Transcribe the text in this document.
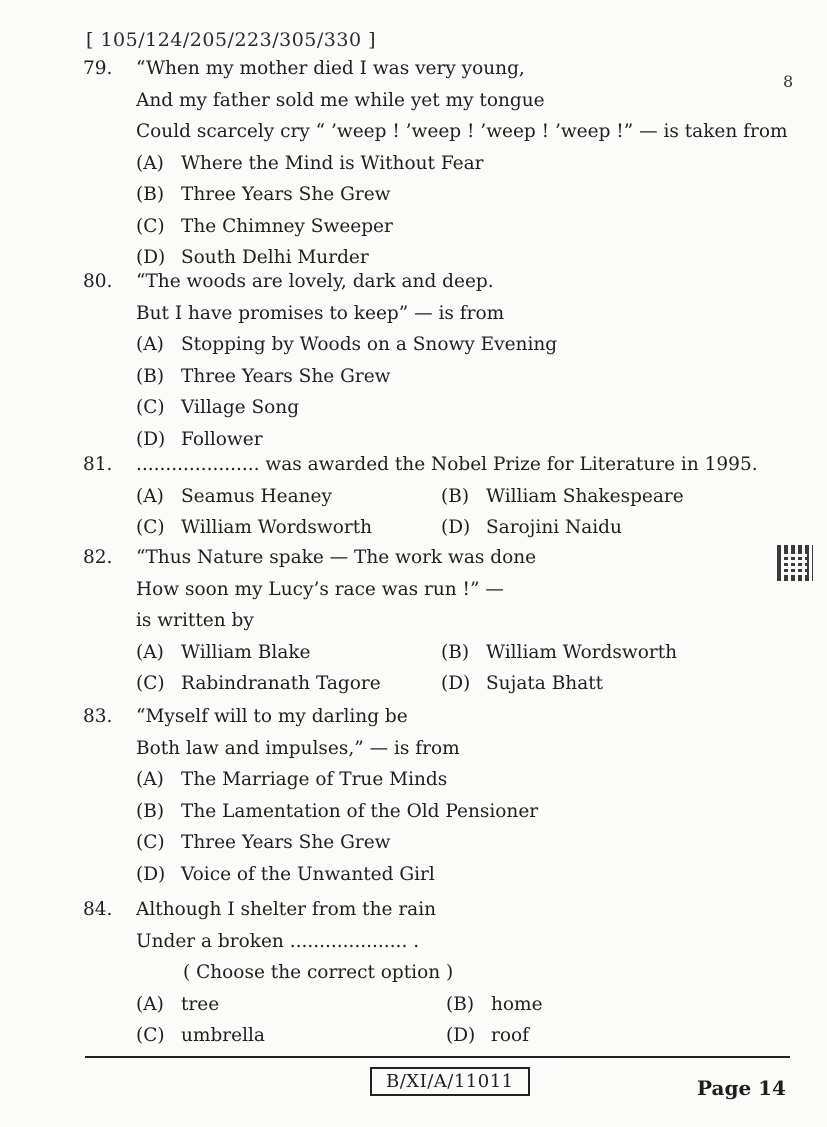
[ 105/124/205/223/305/330 ]
8
79.	“When my mother died I was very young,
And my father sold me while yet my tongue
Could scarcely cry “ ’weep ! ’weep ! ’weep ! ’weep !” — is taken from
(A) Where the Mind is Without Fear
(B) Three Years She Grew
(C) The Chimney Sweeper
(D) South Delhi Murder
80.	“The woods are lovely, dark and deep.
But I have promises to keep” — is from
(A) Stopping by Woods on a Snowy Evening
(B) Three Years She Grew
(C) Village Song
(D) Follower
81.	..................... was awarded the Nobel Prize for Literature in 1995.
(A) Seamus Heaney	(B) William Shakespeare
(C) William Wordsworth	(D) Sarojini Naidu
82.	“Thus Nature spake — The work was done
How soon my Lucy’s race was run !” —
is written by
(A) William Blake	(B) William Wordsworth
(C) Rabindranath Tagore	(D) Sujata Bhatt
83.	“Myself will to my darling be
Both law and impulses,” — is from
(A) The Marriage of True Minds
(B) The Lamentation of the Old Pensioner
(C) Three Years She Grew
(D) Voice of the Unwanted Girl
84.	Although I shelter from the rain
Under a broken .................... .
( Choose the correct option )
(A) tree	(B) home
(C) umbrella	(D) roof
B/XI/A/11011	Page 14
